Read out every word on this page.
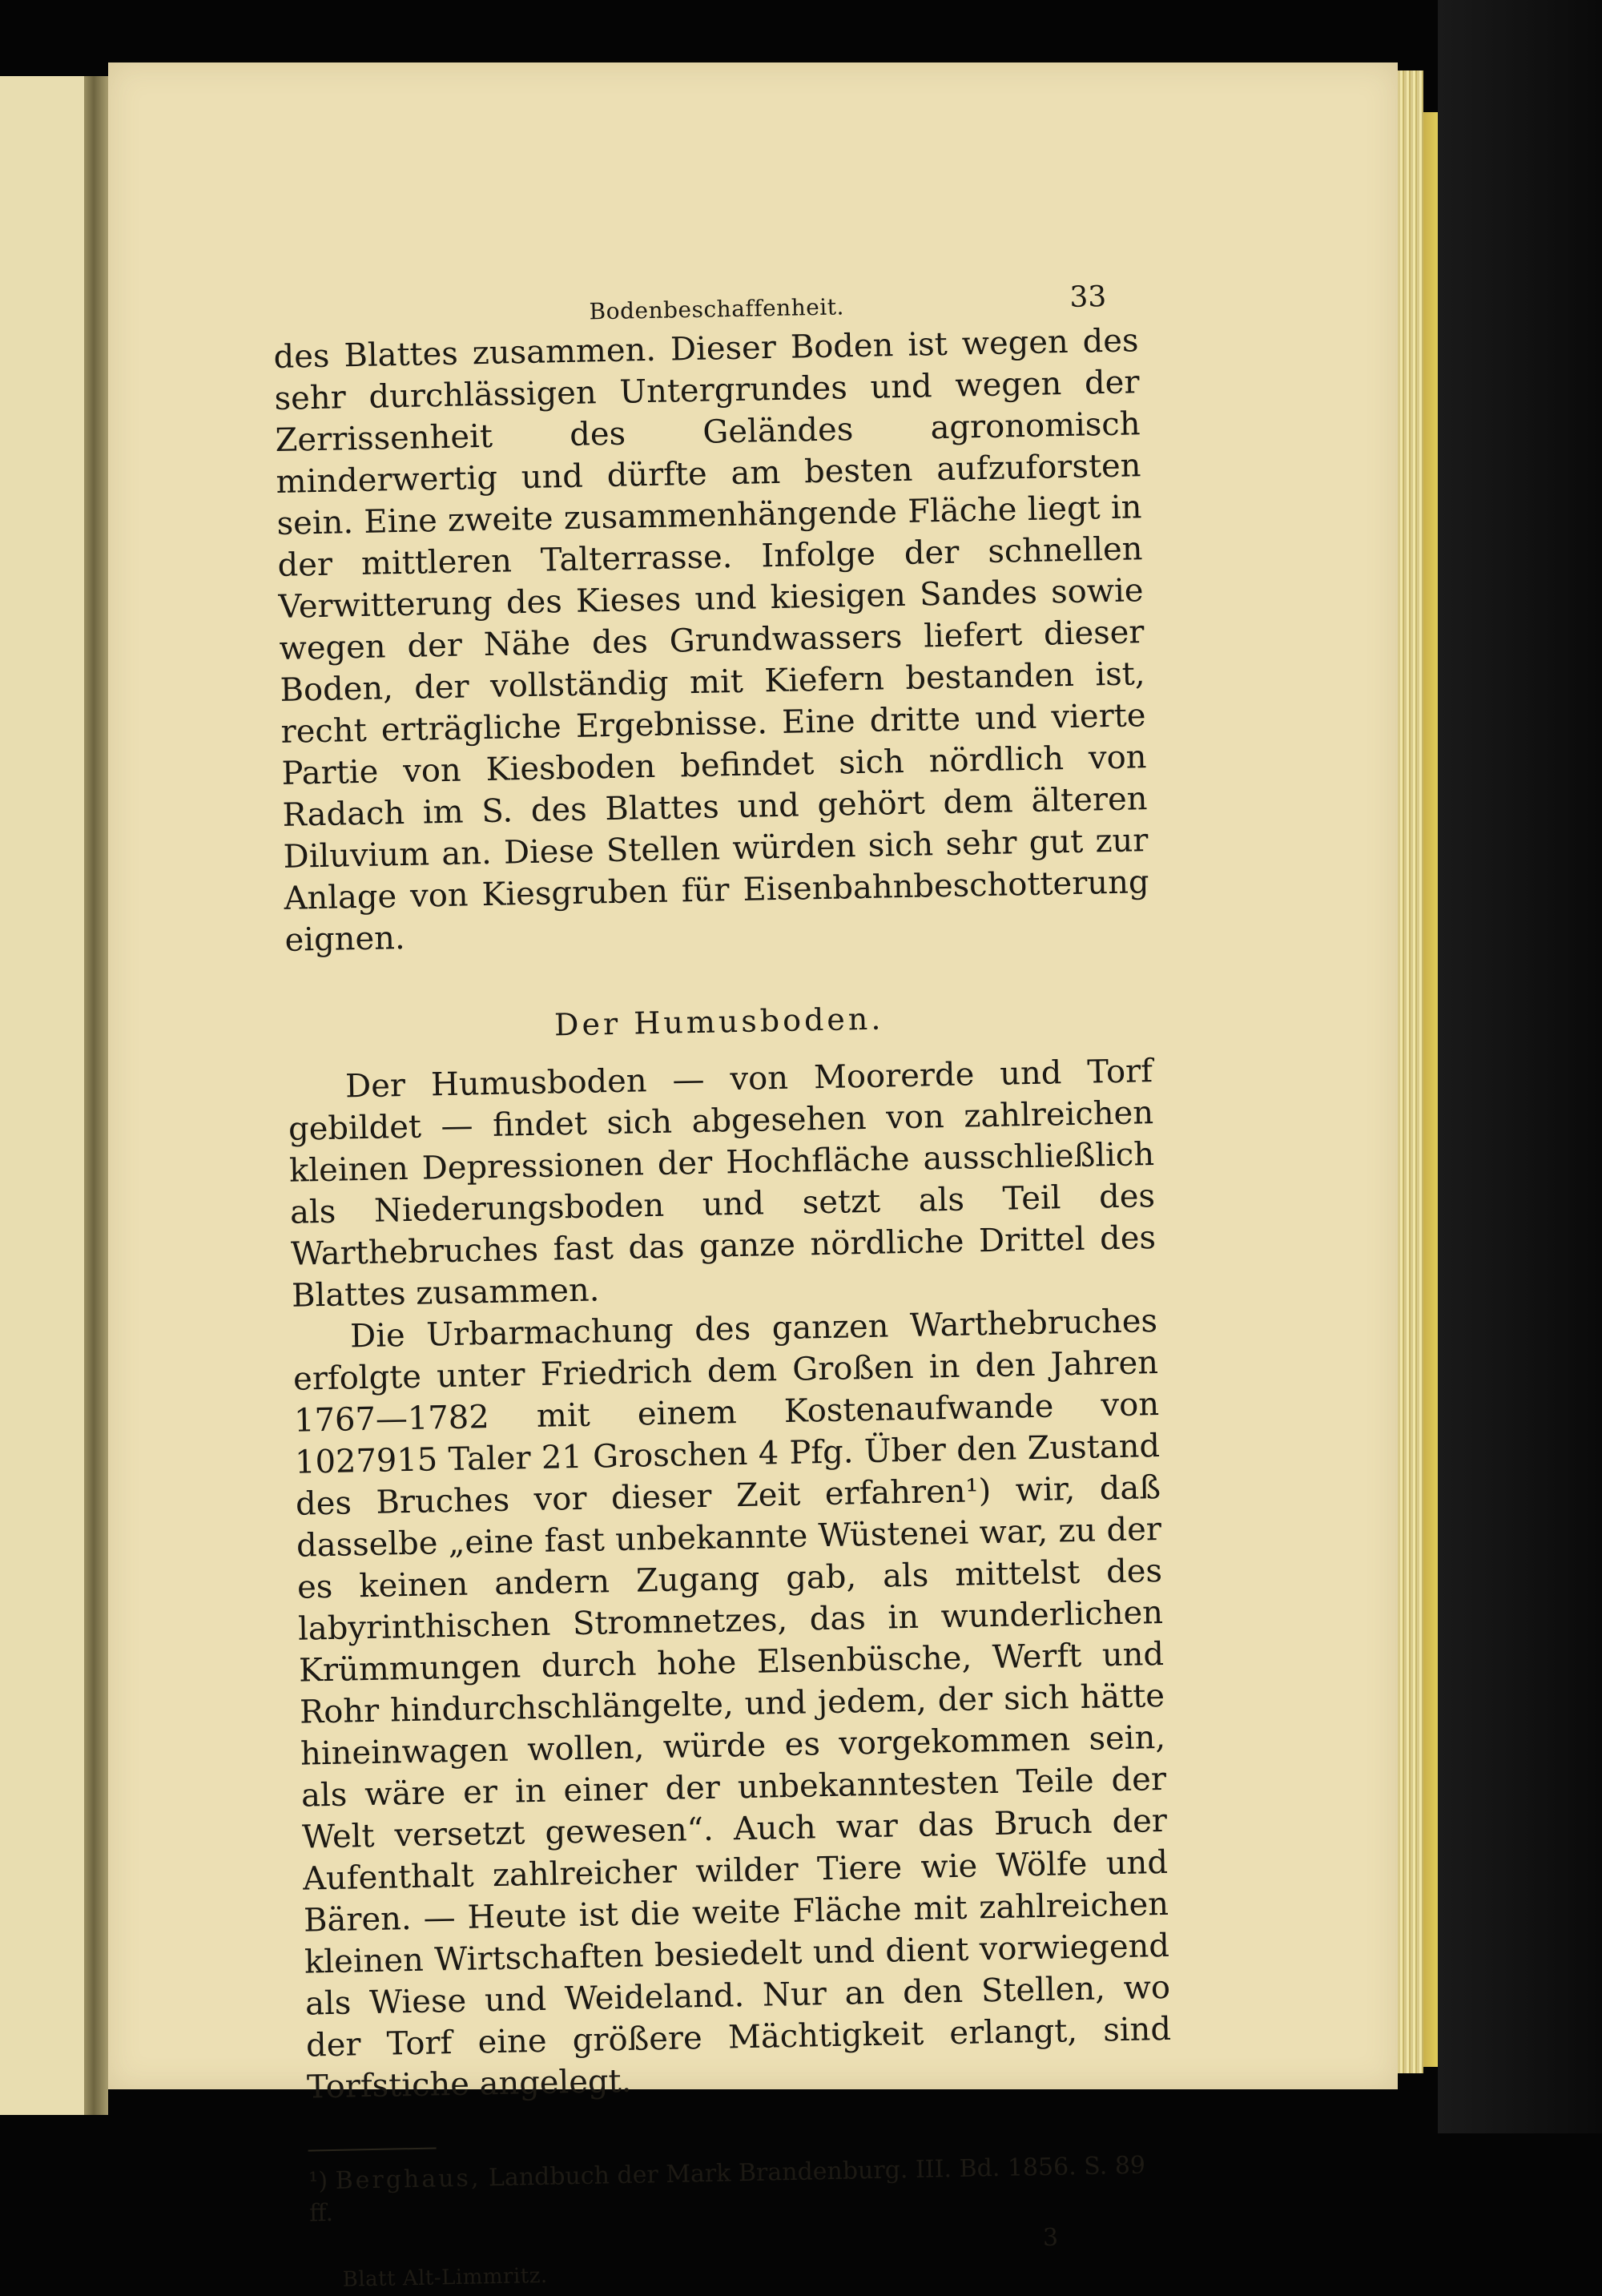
Bodenbeschaffenheit.	33

des Blattes zusammen. Dieser Boden ist wegen des sehr durchlässigen Untergrundes und wegen der Zerrissenheit des Geländes agronomisch minderwertig und dürfte am besten aufzuforsten sein. Eine zweite zusammenhängende Fläche liegt in der mittleren Talterrasse. Infolge der schnellen Verwitterung des Kieses und kiesigen Sandes sowie wegen der Nähe des Grundwassers liefert dieser Boden, der vollständig mit Kiefern bestanden ist, recht erträgliche Ergebnisse. Eine dritte und vierte Partie von Kiesboden befindet sich nördlich von Radach im S. des Blattes und gehört dem älteren Diluvium an. Diese Stellen würden sich sehr gut zur Anlage von Kiesgruben für Eisenbahnbeschotterung eignen.

Der Humusboden.

Der Humusboden — von Moorerde und Torf gebildet — findet sich abgesehen von zahlreichen kleinen Depressionen der Hochfläche ausschließlich als Niederungsboden und setzt als Teil des Warthebruches fast das ganze nördliche Drittel des Blattes zusammen.

Die Urbarmachung des ganzen Warthebruches erfolgte unter Friedrich dem Großen in den Jahren 1767—1782 mit einem Kostenaufwande von 1027915 Taler 21 Groschen 4 Pfg. Über den Zustand des Bruches vor dieser Zeit erfahren¹) wir, daß dasselbe „eine fast unbekannte Wüstenei war, zu der es keinen andern Zugang gab, als mittelst des labyrinthischen Stromnetzes, das in wunderlichen Krümmungen durch hohe Elsenbüsche, Werft und Rohr hindurchschlängelte, und jedem, der sich hätte hineinwagen wollen, würde es vorgekommen sein, als wäre er in einer der unbekanntesten Teile der Welt versetzt gewesen“. Auch war das Bruch der Aufenthalt zahlreicher wilder Tiere wie Wölfe und Bären. — Heute ist die weite Fläche mit zahlreichen kleinen Wirtschaften besiedelt und dient vorwiegend als Wiese und Weideland. Nur an den Stellen, wo der Torf eine größere Mächtigkeit erlangt, sind Torfstiche angelegt.

¹) Berghaus, Landbuch der Mark Brandenburg. III. Bd. 1856. S. 89 ff.

3
Blatt Alt-Limmritz.
